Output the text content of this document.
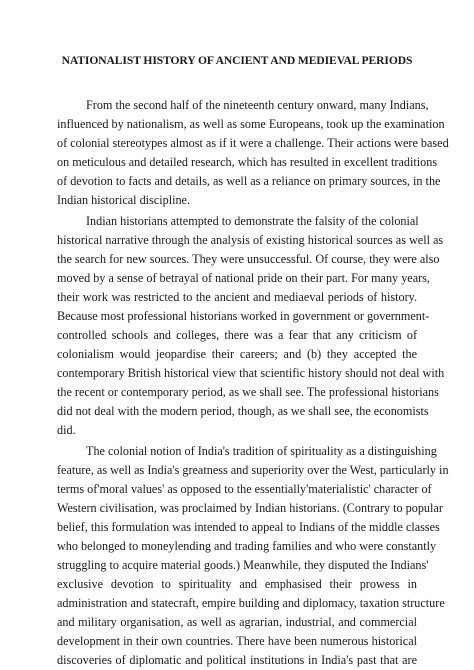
NATIONALIST HISTORY OF ANCIENT AND MEDIEVAL PERIODS
From the second half of the nineteenth century onward, many Indians,
influenced by nationalism, as well as some Europeans, took up the examination
of colonial stereotypes almost as if it were a challenge. Their actions were based
on meticulous and detailed research, which has resulted in excellent traditions
of devotion to facts and details, as well as a reliance on primary sources, in the
Indian historical discipline.
Indian historians attempted to demonstrate the falsity of the colonial
historical narrative through the analysis of existing historical sources as well as
the search for new sources. They were unsuccessful. Of course, they were also
moved by a sense of betrayal of national pride on their part. For many years,
their work was restricted to the ancient and mediaeval periods of history.
Because most professional historians worked in government or government-
controlled schools and colleges, there was a fear that any criticism of
colonialism would jeopardise their careers; and (b) they accepted the
contemporary British historical view that scientific history should not deal with
the recent or contemporary period, as we shall see. The professional historians
did not deal with the modern period, though, as we shall see, the economists
did.
The colonial notion of India's tradition of spirituality as a distinguishing
feature, as well as India's greatness and superiority over the West, particularly in
terms of'moral values' as opposed to the essentially'materialistic' character of
Western civilisation, was proclaimed by Indian historians. (Contrary to popular
belief, this formulation was intended to appeal to Indians of the middle classes
who belonged to moneylending and trading families and who were constantly
struggling to acquire material goods.) Meanwhile, they disputed the Indians'
exclusive devotion to spirituality and emphasised their prowess in
administration and statecraft, empire building and diplomacy, taxation structure
and military organisation, as well as agrarian, industrial, and commercial
development in their own countries. There have been numerous historical
discoveries of diplomatic and political institutions in India's past that are
